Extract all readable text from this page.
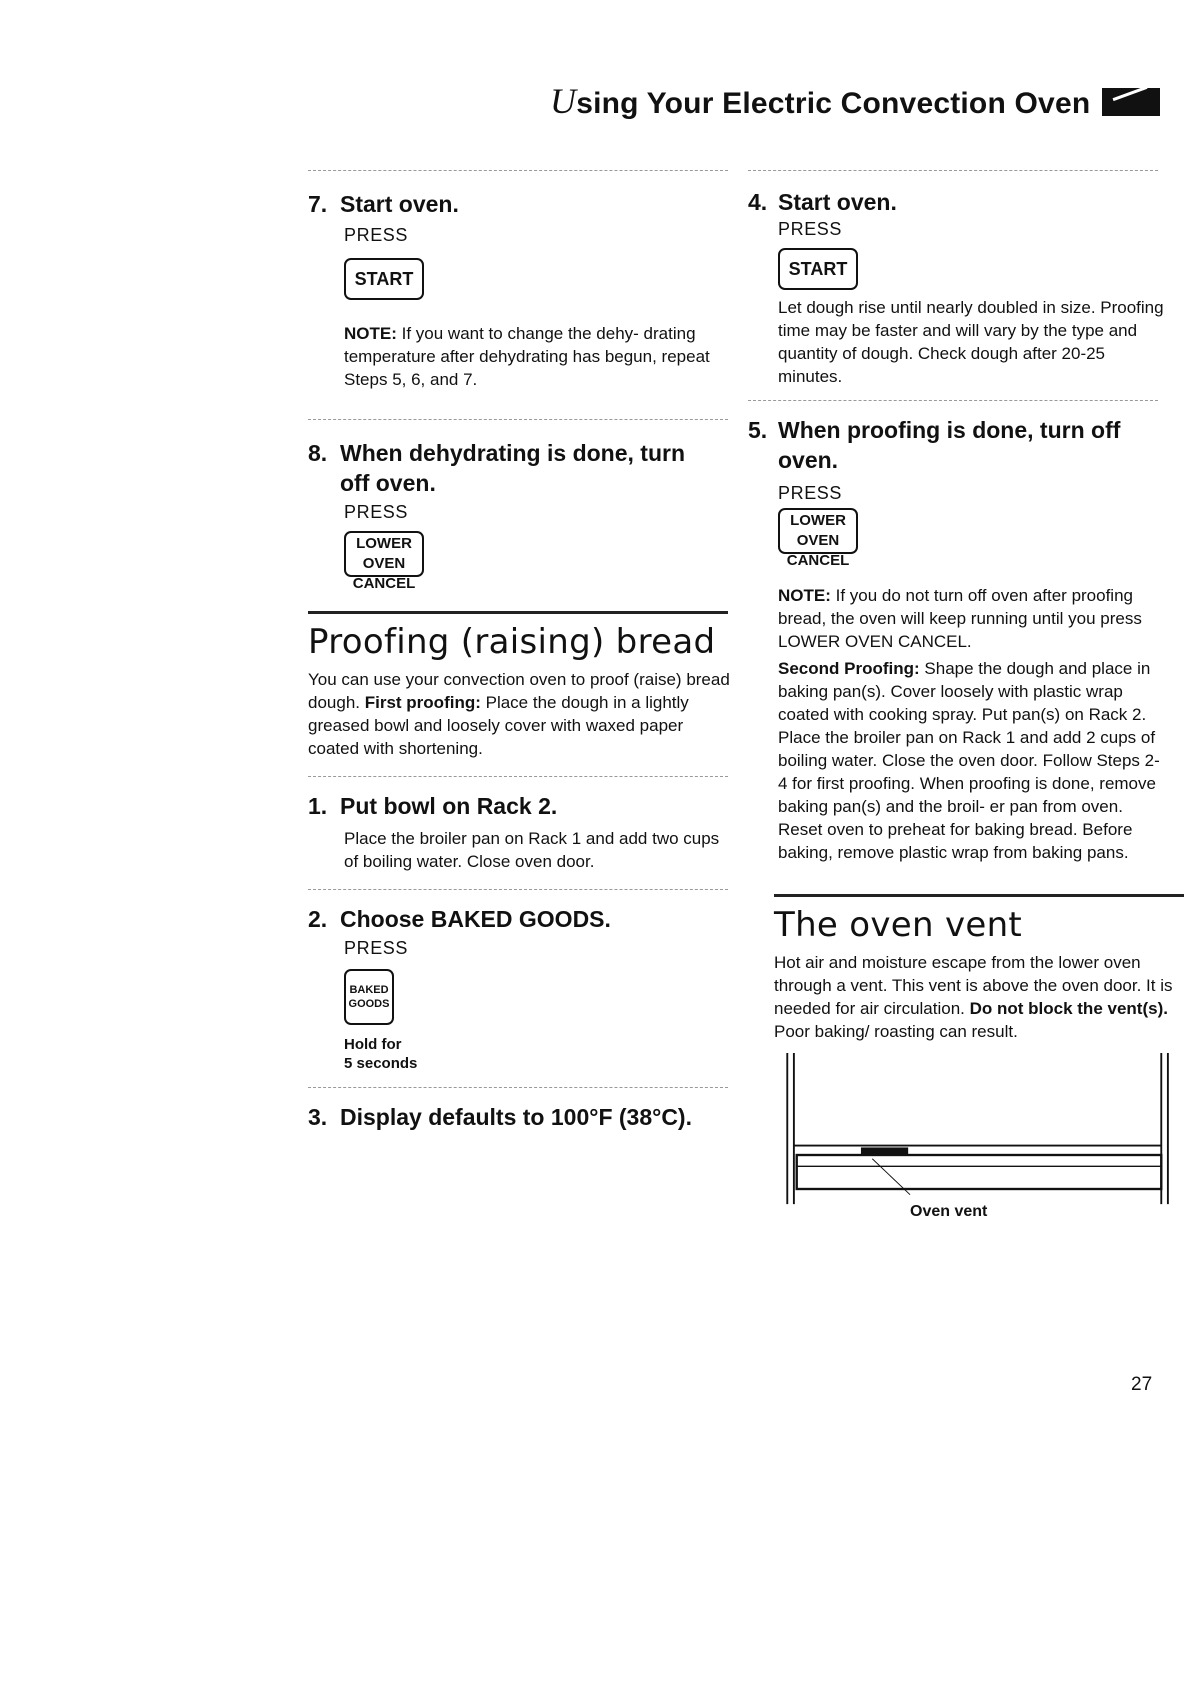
Using Your Electric Convection Oven
7. Start oven.
PRESS
START
NOTE: If you want to change the dehy- drating temperature after dehydrating has begun, repeat Steps 5, 6, and 7.
8. When dehydrating is done, turn off oven.
PRESS
LOWER OVEN
CANCEL
Proofing (raising) bread
You can use your convection oven to proof (raise) bread dough. First proofing: Place the dough in a lightly greased bowl and loosely cover with waxed paper coated with shortening.
1. Put bowl on Rack 2.
Place the broiler pan on Rack 1 and add two cups of boiling water. Close oven door.
2. Choose BAKED GOODS.
PRESS
BAKED
GOODS
Hold for
5 seconds
3. Display defaults to 100°F (38°C).
4. Start oven.
PRESS
START
Let dough rise until nearly doubled in size. Proofing time may be faster and will vary by the type and quantity of dough. Check dough after 20-25 minutes.
5. When proofing is done, turn off oven.
PRESS
LOWER OVEN
CANCEL
NOTE: If you do not turn off oven after proofing bread, the oven will keep running until you press LOWER OVEN CANCEL.
Second Proofing: Shape the dough and place in baking pan(s). Cover loosely with plastic wrap coated with cooking spray. Put pan(s) on Rack 2. Place the broiler pan on Rack 1 and add 2 cups of boiling water. Close the oven door. Follow Steps 2-4 for first proofing. When proofing is done, remove baking pan(s) and the broil- er pan from oven. Reset oven to preheat for baking bread. Before baking, remove plastic wrap from baking pans.
The oven vent
Hot air and moisture escape from the lower oven through a vent. This vent is above the oven door. It is needed for air circulation. Do not block the vent(s). Poor baking/ roasting can result.
Oven vent
27
